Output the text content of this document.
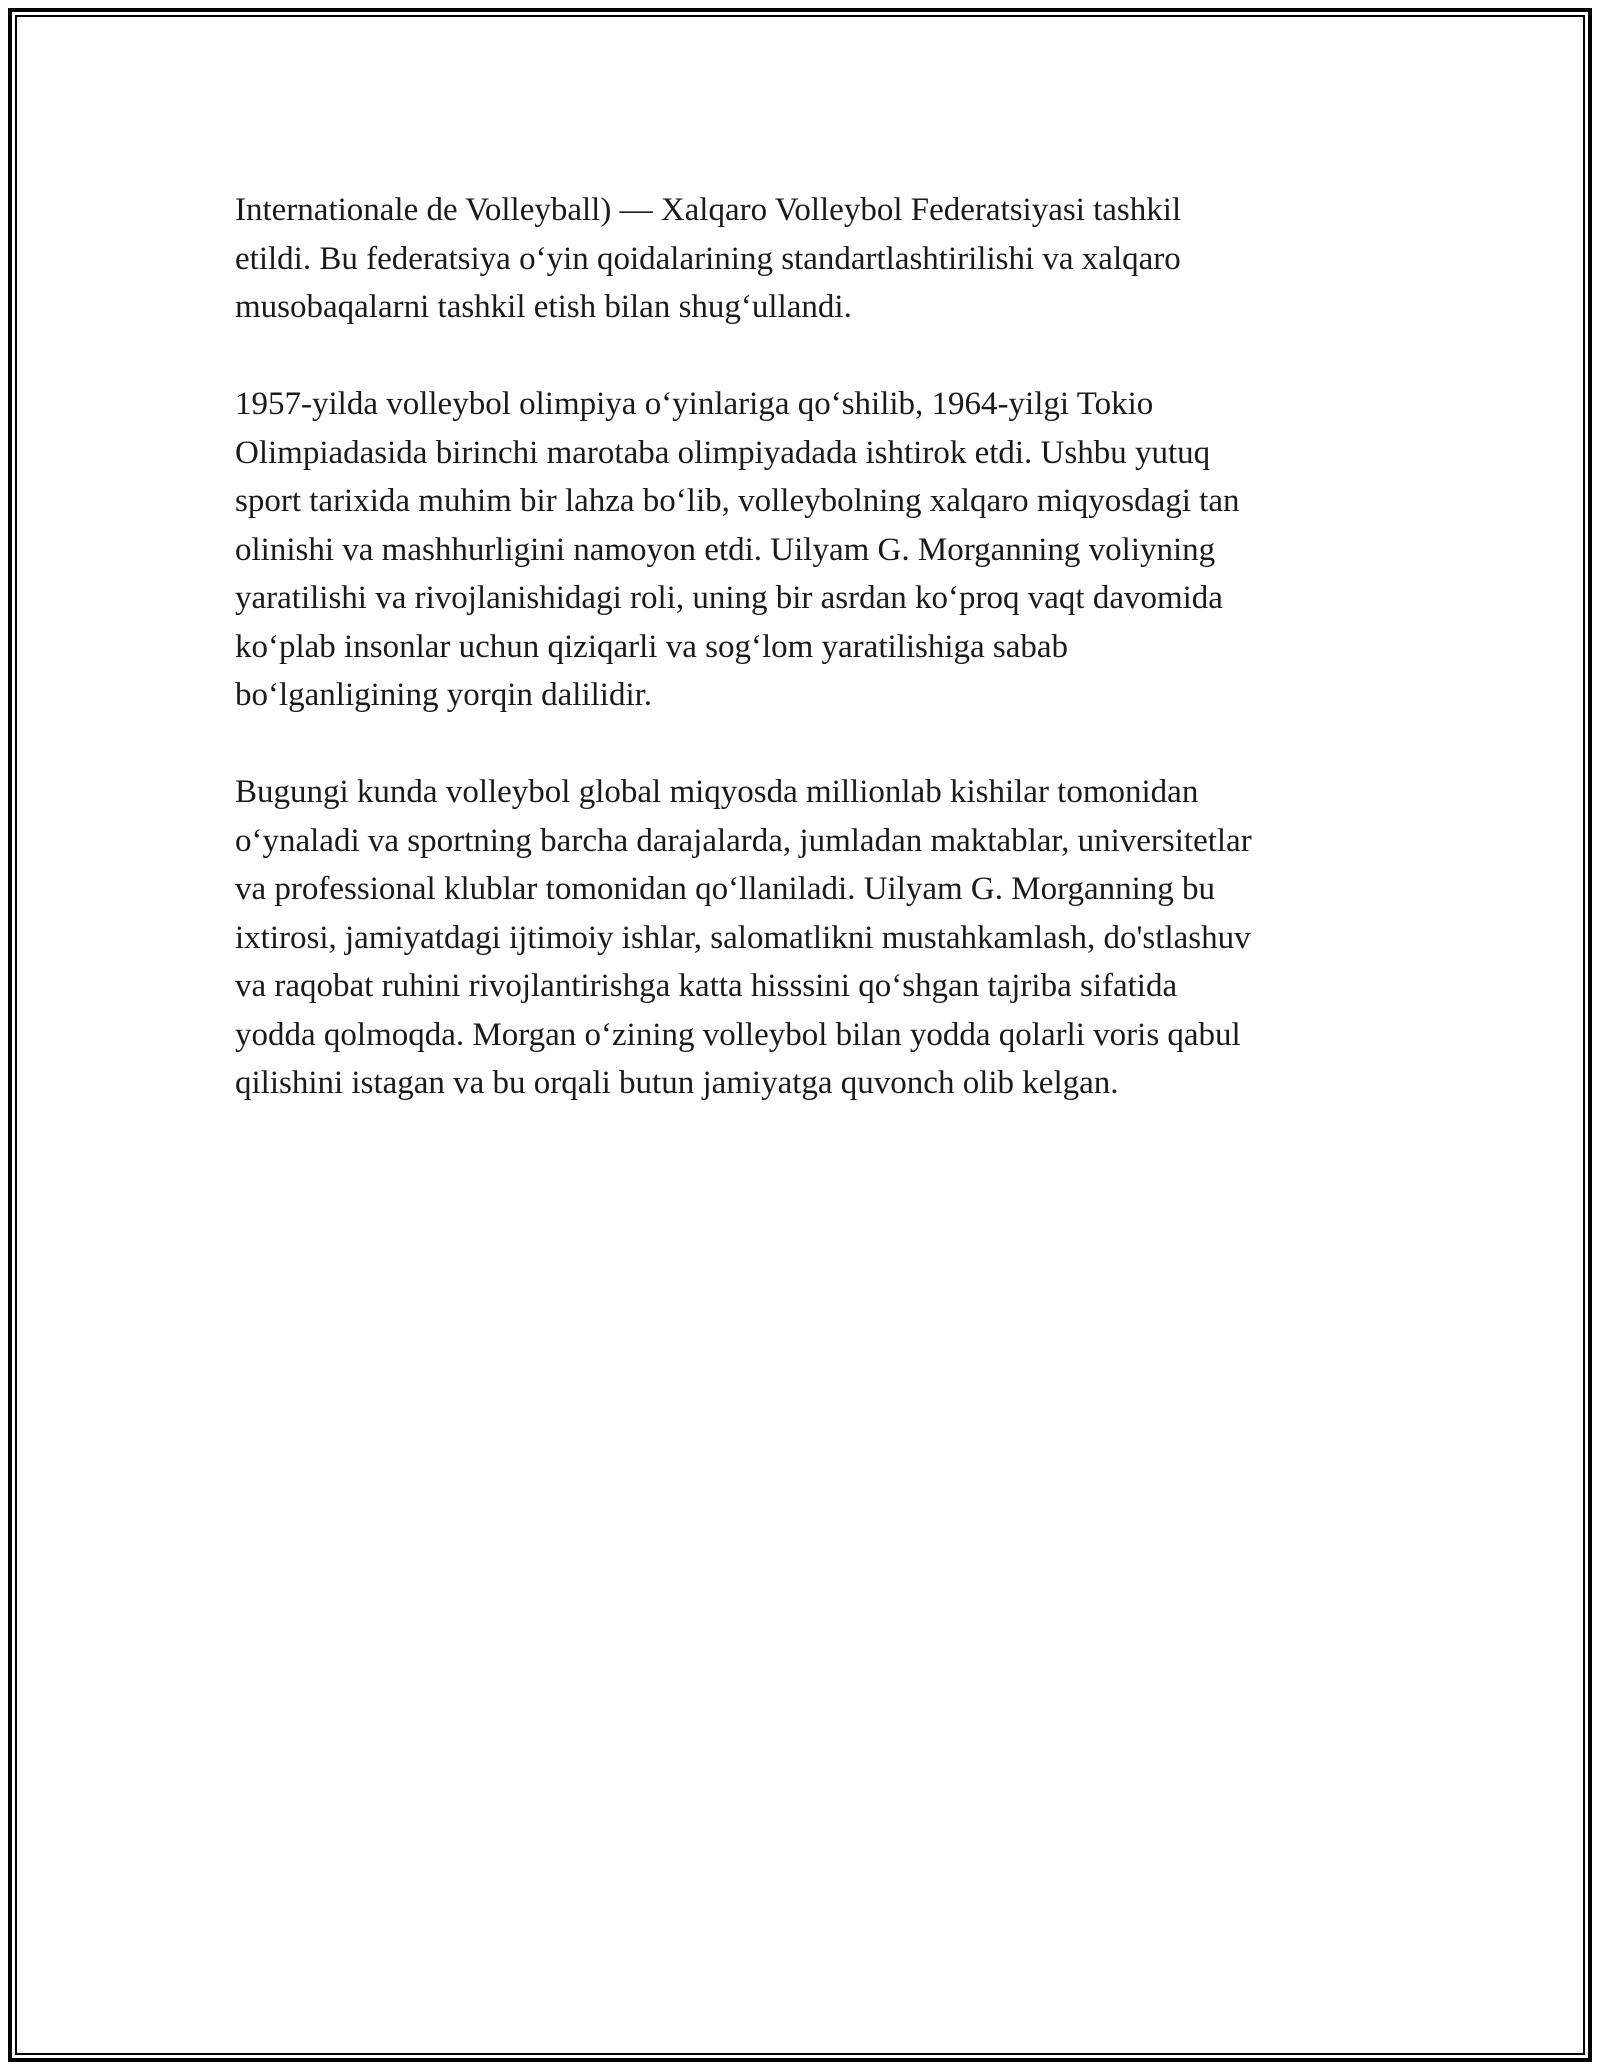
Internationale de Volleyball) — Xalqaro Volleybol Federatsiyasi tashkil
etildi. Bu federatsiya o‘yin qoidalarining standartlashtirilishi va xalqaro
musobaqalarni tashkil etish bilan shug‘ullandi.

1957-yilda volleybol olimpiya o‘yinlariga qo‘shilib, 1964-yilgi Tokio
Olimpiadasida birinchi marotaba olimpiyadada ishtirok etdi. Ushbu yutuq
sport tarixida muhim bir lahza bo‘lib, volleybolning xalqaro miqyosdagi tan
olinishi va mashhurligini namoyon etdi. Uilyam G. Morganning voliyning
yaratilishi va rivojlanishidagi roli, uning bir asrdan ko‘proq vaqt davomida
ko‘plab insonlar uchun qiziqarli va sog‘lom yaratilishiga sabab
bo‘lganligining yorqin dalilidir.

Bugungi kunda volleybol global miqyosda millionlab kishilar tomonidan
o‘ynaladi va sportning barcha darajalarda, jumladan maktablar, universitetlar
va professional klublar tomonidan qo‘llaniladi. Uilyam G. Morganning bu
ixtirosi, jamiyatdagi ijtimoiy ishlar, salomatlikni mustahkamlash, do'stlashuv
va raqobat ruhini rivojlantirishga katta hisssini qo‘shgan tajriba sifatida
yodda qolmoqda. Morgan o‘zining volleybol bilan yodda qolarli voris qabul
qilishini istagan va bu orqali butun jamiyatga quvonch olib kelgan.
